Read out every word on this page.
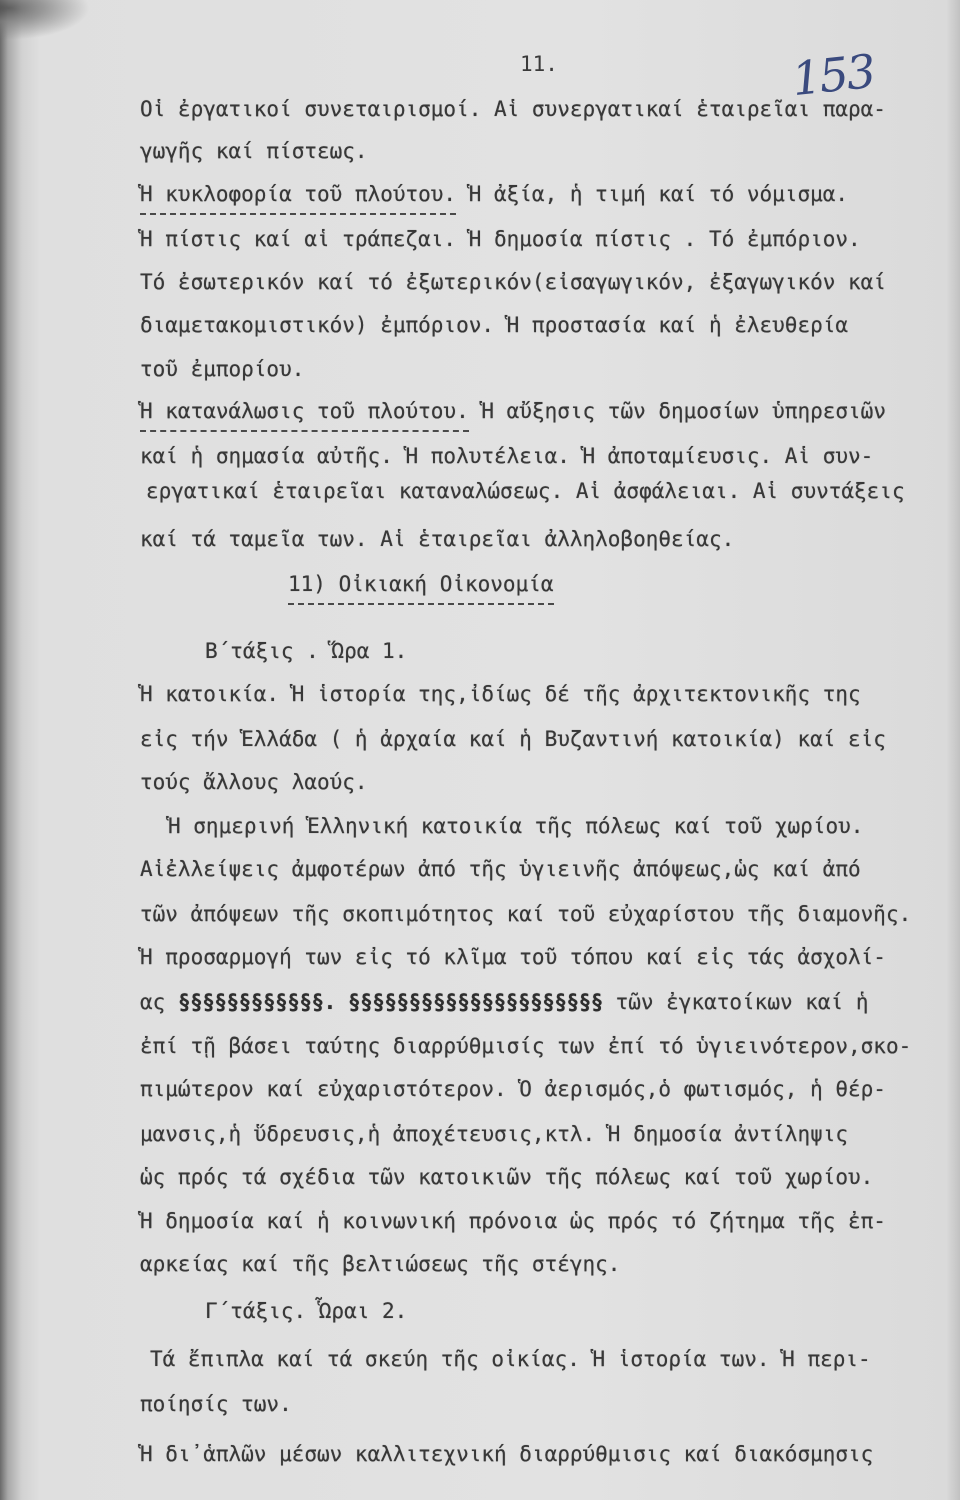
11.	153
Οἱ ἐργατικοί συνεταιρισμοί. Αἱ συνεργατικαί ἑταιρεῖαι παρα-
γωγῆς καί πίστεως.
Ἡ κυκλοφορία τοῦ πλούτου. Ἡ ἀξία, ἡ τιμή καί τό νόμισμα.
Ἡ πίστις καί αἱ τράπεζαι. Ἡ δημοσία πίστις . Τό ἐμπόριον.
Τό ἐσωτερικόν καί τό ἐξωτερικόν(εἰσαγωγικόν, ἐξαγωγικόν καί
διαμετακομιστικόν) ἐμπόριον. Ἡ προστασία καί ἡ ἐλευθερία
τοῦ ἐμπορίου.
Ἡ κατανάλωσις τοῦ πλούτου. Ἡ αὔξησις τῶν δημοσίων ὑπηρεσιῶν
καί ἡ σημασία αὐτῆς. Ἡ πολυτέλεια. Ἡ ἀποταμίευσις. Αἱ συν-
εργατικαί ἑταιρεῖαι καταναλώσεως. Αἱ ἀσφάλειαι. Αἱ συντάξεις
καί τά ταμεῖα των. Αἱ ἑταιρεῖαι ἀλληλοβοηθείας.
11) Οἰκιακή Οἰκονομία
Β΄τάξις . Ὥρα 1.
Ἡ κατοικία. Ἡ ἱστορία της,ἰδίως δέ τῆς ἀρχιτεκτονικῆς της
εἰς τήν Ἑλλάδα ( ἡ ἀρχαία καί ἡ Βυζαντινή κατοικία) καί εἰς
τούς ἄλλους λαούς.
Ἡ σημερινή Ἑλληνική κατοικία τῆς πόλεως καί τοῦ χωρίου.
Αἱἐλλείψεις ἀμφοτέρων ἀπό τῆς ὑγιεινῆς ἀπόψεως,ὡς καί ἀπό
τῶν ἀπόψεων τῆς σκοπιμότητος καί τοῦ εὐχαρίστου τῆς διαμονῆς.
Ἡ προσαρμογή των εἰς τό κλῖμα τοῦ τόπου καί εἰς τάς ἀσχολί-
ας §§§§§§§§§§§§. §§§§§§§§§§§§§§§§§§§§§ τῶν ἐγκατοίκων καί ἡ
ἐπί τῇ βάσει ταύτης διαρρύθμισίς των ἐπί τό ὑγιεινότερον,σκο-
πιμώτερον καί εὐχαριστότερον. Ὁ ἀερισμός,ὁ φωτισμός, ἡ θέρ-
μανσις,ἡ ὕδρευσις,ἡ ἀποχέτευσις,κτλ. Ἡ δημοσία ἀντίληψις
ὡς πρός τά σχέδια τῶν κατοικιῶν τῆς πόλεως καί τοῦ χωρίου.
Ἡ δημοσία καί ἡ κοινωνική πρόνοια ὡς πρός τό ζήτημα τῆς ἐπ-
αρκείας καί τῆς βελτιώσεως τῆς στέγης.
Γ΄τάξις. Ὧραι 2.
Τά ἔπιπλα καί τά σκεύη τῆς οἰκίας. Ἡ ἱστορία των. Ἡ περι-
ποίησίς των.
Ἡ δι᾿ἁπλῶν μέσων καλλιτεχνική διαρρύθμισις καί διακόσμησις
